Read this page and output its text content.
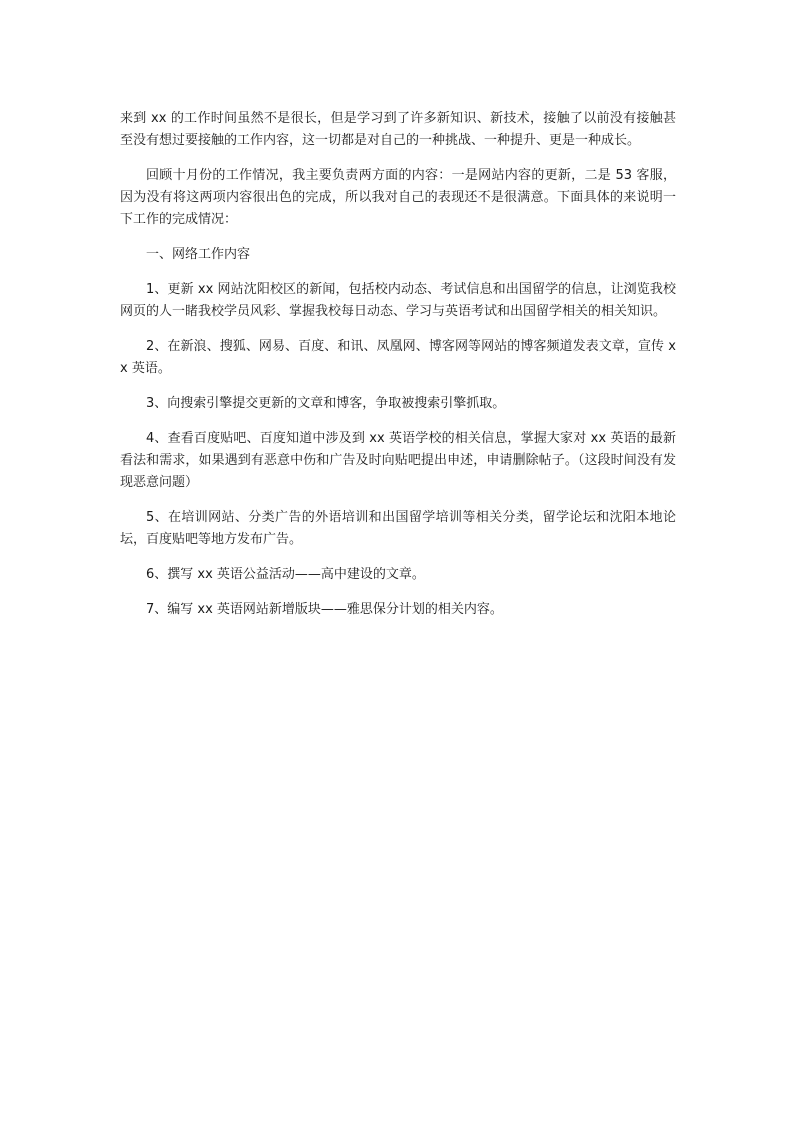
来到 xx 的工作时间虽然不是很长，但是学习到了许多新知识、新技术，接触了以前没有接触甚至没有想过要接触的工作内容，这一切都是对自己的一种挑战、一种提升、更是一种成长。

回顾十月份的工作情况，我主要负责两方面的内容：一是网站内容的更新，二是 53 客服，因为没有将这两项内容很出色的完成，所以我对自己的表现还不是很满意。下面具体的来说明一下工作的完成情况：

一、网络工作内容

1、更新 xx 网站沈阳校区的新闻，包括校内动态、考试信息和出国留学的信息，让浏览我校网页的人一睹我校学员风彩、掌握我校每日动态、学习与英语考试和出国留学相关的相关知识。

2、在新浪、搜狐、网易、百度、和讯、凤凰网、博客网等网站的博客频道发表文章，宣传 xx 英语。

3、向搜索引擎提交更新的文章和博客，争取被搜索引擎抓取。

4、查看百度贴吧、百度知道中涉及到 xx 英语学校的相关信息，掌握大家对 xx 英语的最新看法和需求，如果遇到有恶意中伤和广告及时向贴吧提出申述，申请删除帖子。（这段时间没有发现恶意问题）

5、在培训网站、分类广告的外语培训和出国留学培训等相关分类，留学论坛和沈阳本地论坛，百度贴吧等地方发布广告。

6、撰写 xx 英语公益活动——高中建设的文章。

7、编写 xx 英语网站新增版块——雅思保分计划的相关内容。
